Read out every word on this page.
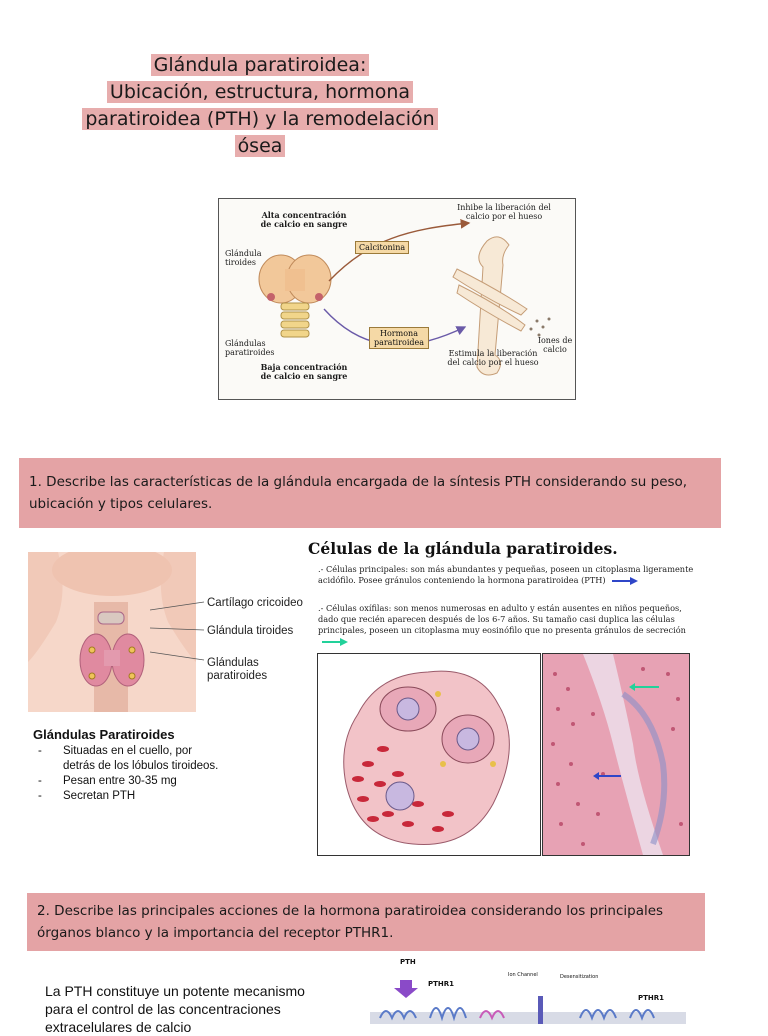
Glándula paratiroidea:
Ubicación, estructura, hormona
paratiroidea (PTH) y la remodelación
ósea
Alta concentración de calcio en sangre
Glándula tiroides
Glándulas paratiroides
Baja concentración de calcio en sangre
Calcitonina
Hormona paratiroidea
Inhibe la liberación del calcio por el hueso
Estimula la liberación del calcio por el hueso
Iones de calcio
1. Describe las características de la glándula encargada de la síntesis PTH considerando su peso, ubicación y tipos celulares.
Cartílago cricoideo
Glándula tiroides
Glándulas paratiroides
Glándulas Paratiroides
- Situadas en el cuello, por detrás de los lóbulos tiroideos.
- Pesan entre 30-35 mg
- Secretan PTH
Células de la glándula paratiroides.
.- Células principales: son más abundantes y pequeñas, poseen un citoplasma ligeramente acidófilo. Posee gránulos conteniendo la hormona paratiroidea (PTH)
.- Células oxífilas: son menos numerosas en adulto y están ausentes en niños pequeños, dado que recién aparecen después de los 6-7 años. Su tamaño casi duplica las células principales, poseen un citoplasma muy eosinófilo que no presenta gránulos de secreción
2. Describe las principales acciones de la hormona paratiroidea considerando los principales órganos blanco y la importancia del receptor PTHR1.
La PTH constituye un potente mecanismo para el control de las concentraciones extracelulares de calcio
PTH
PTHR1
Ion Channel	Desensitization
PTHR1
